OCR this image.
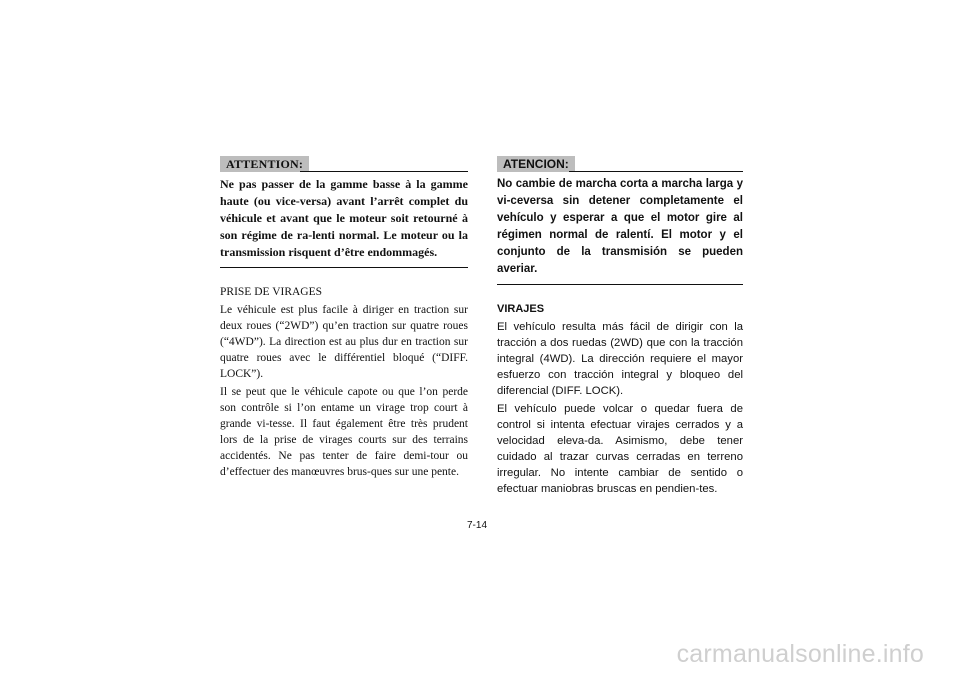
ATTENTION:

Ne pas passer de la gamme basse à la gamme haute (ou vice-versa) avant l’arrêt complet du véhicule et avant que le moteur soit retourné à son régime de ra-lenti normal. Le moteur ou la transmission risquent d’être endommagés.

PRISE DE VIRAGES

Le véhicule est plus facile à diriger en traction sur deux roues (“2WD”) qu’en traction sur quatre roues (“4WD”). La direction est au plus dur en traction sur quatre roues avec le différentiel bloqué (“DIFF. LOCK”).

Il se peut que le véhicule capote ou que l’on perde son contrôle si l’on entame un virage trop court à grande vi-tesse. Il faut également être très prudent lors de la prise de virages courts sur des terrains accidentés. Ne pas tenter de faire demi-tour ou d’effectuer des manœuvres brus-ques sur une pente.

ATENCION:

No cambie de marcha corta a marcha larga y vi-ceversa sin detener completamente el vehículo y esperar a que el motor gire al régimen normal de ralentí. El motor y el conjunto de la transmisión se pueden averiar.

VIRAJES

El vehículo resulta más fácil de dirigir con la tracción a dos ruedas (2WD) que con la tracción integral (4WD). La dirección requiere el mayor esfuerzo con tracción integral y bloqueo del diferencial (DIFF. LOCK).

El vehículo puede volcar o quedar fuera de control si intenta efectuar virajes cerrados y a velocidad eleva-da. Asimismo, debe tener cuidado al trazar curvas cerradas en terreno irregular. No intente cambiar de sentido o efectuar maniobras bruscas en pendien-tes.

7-14
carmanualsonline.info
